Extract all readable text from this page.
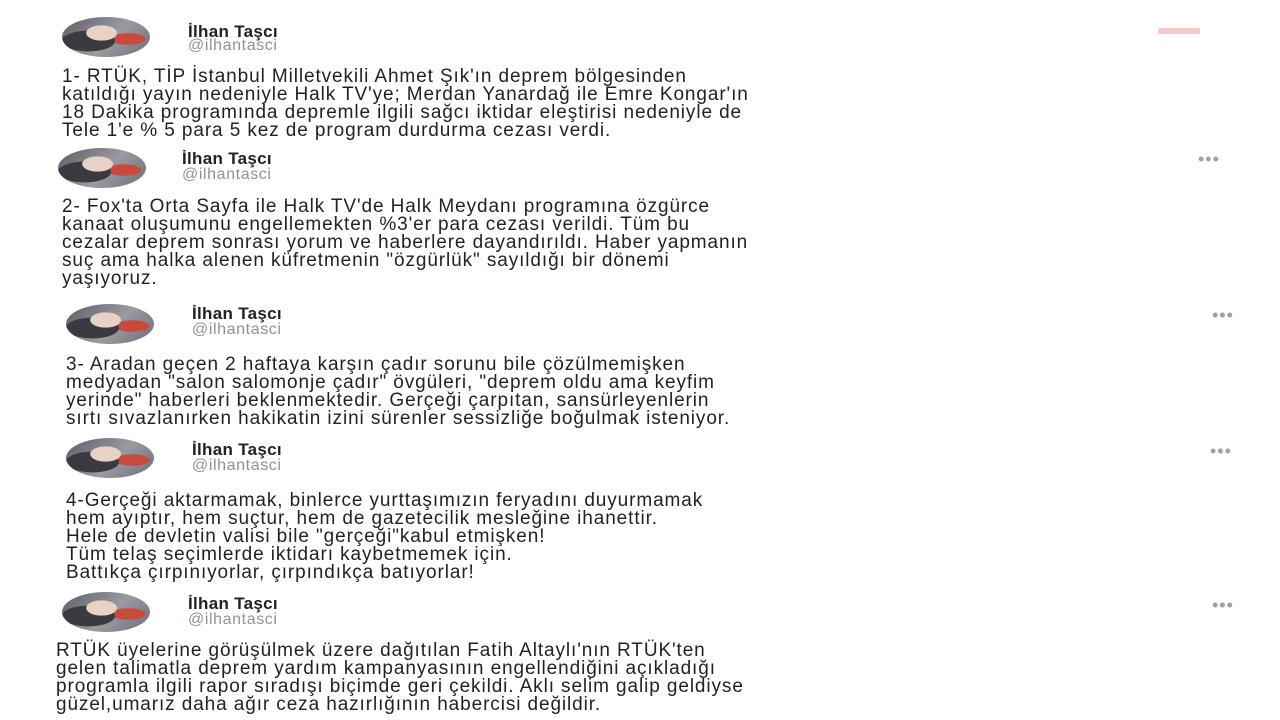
İlhan Taşcı
@ilhantasci
1- RTÜK, TİP İstanbul Milletvekili Ahmet Şık'ın deprem bölgesinden
katıldığı yayın nedeniyle Halk TV'ye; Merdan Yanardağ ile Emre Kongar'ın
18 Dakika programında depremle ilgili sağcı iktidar eleştirisi nedeniyle de
Tele 1'e % 5 para 5 kez de program durdurma cezası verdi.
İlhan Taşcı
@ilhantasci
•••
2- Fox'ta Orta Sayfa ile Halk TV'de Halk Meydanı programına özgürce
kanaat oluşumunu engellemekten %3'er para cezası verildi. Tüm bu
cezalar deprem sonrası yorum ve haberlere dayandırıldı. Haber yapmanın
suç ama halka alenen küfretmenin "özgürlük" sayıldığı bir dönemi
yaşıyoruz.
İlhan Taşcı
@ilhantasci
•••
3- Aradan geçen 2 haftaya karşın çadır sorunu bile çözülmemişken
medyadan "salon salomonje çadır" övgüleri, "deprem oldu ama keyfim
yerinde" haberleri beklenmektedir. Gerçeği çarpıtan, sansürleyenlerin
sırtı sıvazlanırken hakikatin izini sürenler sessizliğe boğulmak isteniyor.
İlhan Taşcı
@ilhantasci
•••
4-Gerçeği aktarmamak, binlerce yurttaşımızın feryadını duyurmamak
hem ayıptır, hem suçtur, hem de gazetecilik mesleğine ihanettir.
Hele de devletin valisi bile "gerçeği"kabul etmişken!
Tüm telaş seçimlerde iktidarı kaybetmemek için.
Battıkça çırpınıyorlar, çırpındıkça batıyorlar!
İlhan Taşcı
@ilhantasci
•••
RTÜK üyelerine görüşülmek üzere dağıtılan Fatih Altaylı'nın RTÜK'ten
gelen talimatla deprem yardım kampanyasının engellendiğini açıkladığı
programla ilgili rapor sıradışı biçimde geri çekildi. Aklı selim galip geldiyse
güzel,umarız daha ağır ceza hazırlığının habercisi değildir.
